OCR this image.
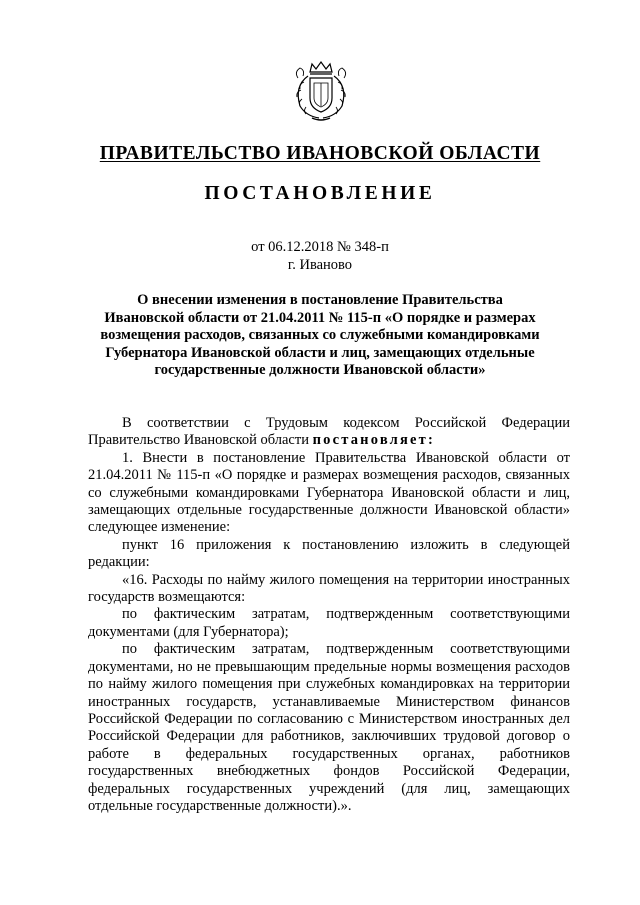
ПРАВИТЕЛЬСТВО ИВАНОВСКОЙ ОБЛАСТИ
ПОСТАНОВЛЕНИЕ
от 06.12.2018 № 348-п
г. Иваново
О внесении изменения в постановление Правительства
Ивановской области от 21.04.2011 № 115-п «О порядке и размерах
возмещения расходов, связанных со служебными командировками
Губернатора Ивановской области и лиц, замещающих отдельные
государственные должности Ивановской области»
В соответствии с Трудовым кодексом Российской Федерации Правительство Ивановской области постановляет:
1. Внести в постановление Правительства Ивановской области от 21.04.2011 № 115-п «О порядке и размерах возмещения расходов, связанных со служебными командировками Губернатора Ивановской области и лиц, замещающих отдельные государственные должности Ивановской области» следующее изменение:
пункт 16 приложения к постановлению изложить в следующей редакции:
«16. Расходы по найму жилого помещения на территории иностранных государств возмещаются:
по фактическим затратам, подтвержденным соответствующими документами (для Губернатора);
по фактическим затратам, подтвержденным соответствующими документами, но не превышающим предельные нормы возмещения расходов по найму жилого помещения при служебных командировках на территории иностранных государств, устанавливаемые Министерством финансов Российской Федерации по согласованию с Министерством иностранных дел Российской Федерации для работников, заключивших трудовой договор о работе в федеральных государственных органах, работников государственных внебюджетных фондов Российской Федерации, федеральных государственных учреждений (для лиц, замещающих отдельные государственные должности).».
